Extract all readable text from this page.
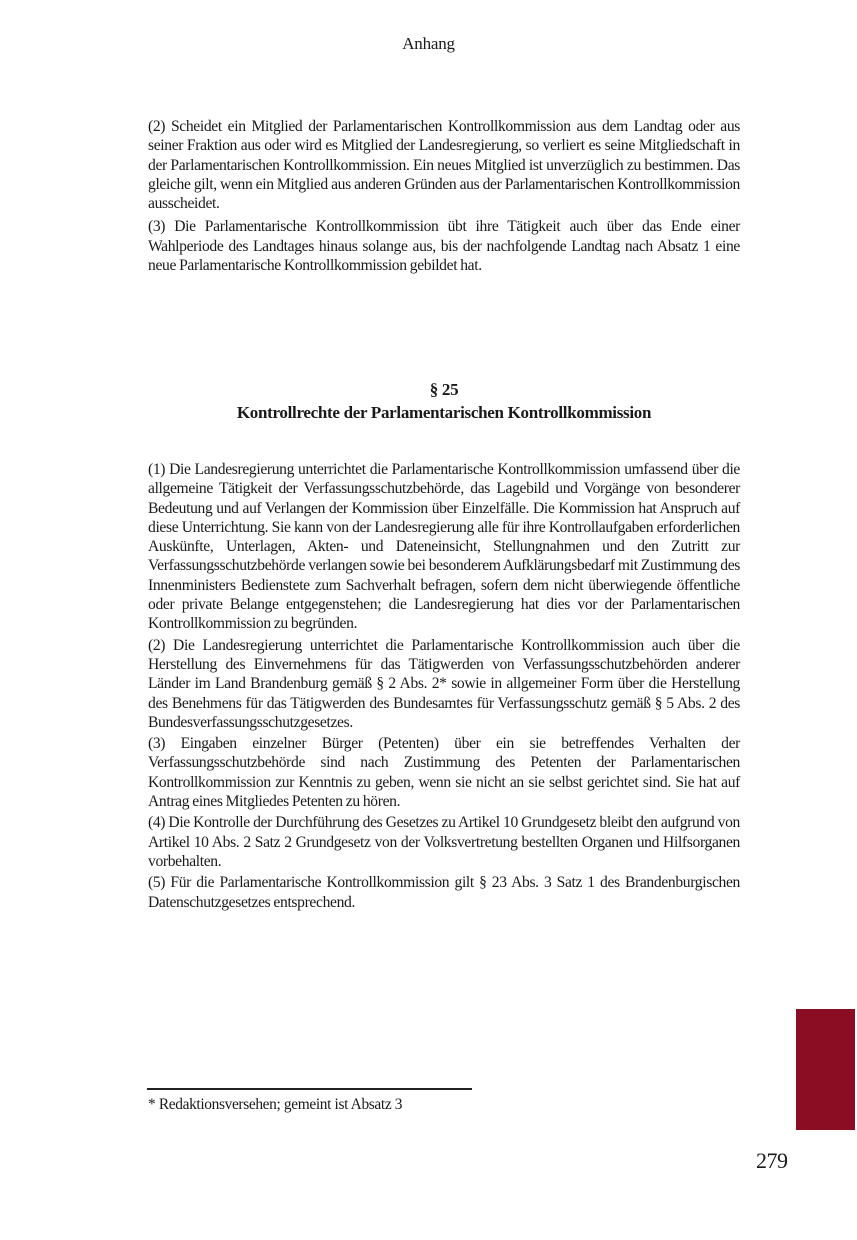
Anhang

(2) Scheidet ein Mitglied der Parlamentarischen Kontrollkommission aus dem Landtag oder aus seiner Fraktion aus oder wird es Mitglied der Landesregierung, so verliert es seine Mitgliedschaft in der Parlamentarischen Kontrollkommission. Ein neues Mitglied ist unverzüglich zu bestimmen. Das gleiche gilt, wenn ein Mitglied aus anderen Gründen aus der Parlamentarischen Kontrollkommission ausscheidet.

(3) Die Parlamentarische Kontrollkommission übt ihre Tätigkeit auch über das Ende einer Wahlperiode des Landtages hinaus solange aus, bis der nachfolgende Landtag nach Absatz 1 eine neue Parlamentarische Kontrollkommission gebildet hat.

§ 25
Kontrollrechte der Parlamentarischen Kontrollkommission

(1) Die Landesregierung unterrichtet die Parlamentarische Kontrollkommission umfassend über die allgemeine Tätigkeit der Verfassungsschutzbehörde, das Lagebild und Vorgänge von besonderer Bedeutung und auf Verlangen der Kommission über Einzelfälle. Die Kommission hat Anspruch auf diese Unterrichtung. Sie kann von der Landesregierung alle für ihre Kontrollaufgaben erforderlichen Auskünfte, Unterlagen, Akten- und Dateneinsicht, Stellungnahmen und den Zutritt zur Verfassungsschutzbehörde verlangen sowie bei besonderem Aufklärungsbedarf mit Zustimmung des Innenministers Bedienstete zum Sachverhalt befragen, sofern dem nicht überwiegende öffentliche oder private Belange entgegenstehen; die Landesregierung hat dies vor der Parlamentarischen Kontrollkommission zu begründen.

(2) Die Landesregierung unterrichtet die Parlamentarische Kontrollkommission auch über die Herstellung des Einvernehmens für das Tätigwerden von Verfassungsschutzbehörden anderer Länder im Land Brandenburg gemäß § 2 Abs. 2* sowie in allgemeiner Form über die Herstellung des Benehmens für das Tätigwerden des Bundesamtes für Verfassungsschutz gemäß § 5 Abs. 2 des Bundesverfassungsschutzgesetzes.

(3) Eingaben einzelner Bürger (Petenten) über ein sie betreffendes Verhalten der Verfassungsschutzbehörde sind nach Zustimmung des Petenten der Parlamentarischen Kontrollkommission zur Kenntnis zu geben, wenn sie nicht an sie selbst gerichtet sind. Sie hat auf Antrag eines Mitgliedes Petenten zu hören.

(4) Die Kontrolle der Durchführung des Gesetzes zu Artikel 10 Grundgesetz bleibt den aufgrund von Artikel 10 Abs. 2 Satz 2 Grundgesetz von der Volksvertretung bestellten Organen und Hilfsorganen vorbehalten.

(5) Für die Parlamentarische Kontrollkommission gilt § 23 Abs. 3 Satz 1 des Brandenburgischen Datenschutzgesetzes entsprechend.

* Redaktionsversehen; gemeint ist Absatz 3
279
